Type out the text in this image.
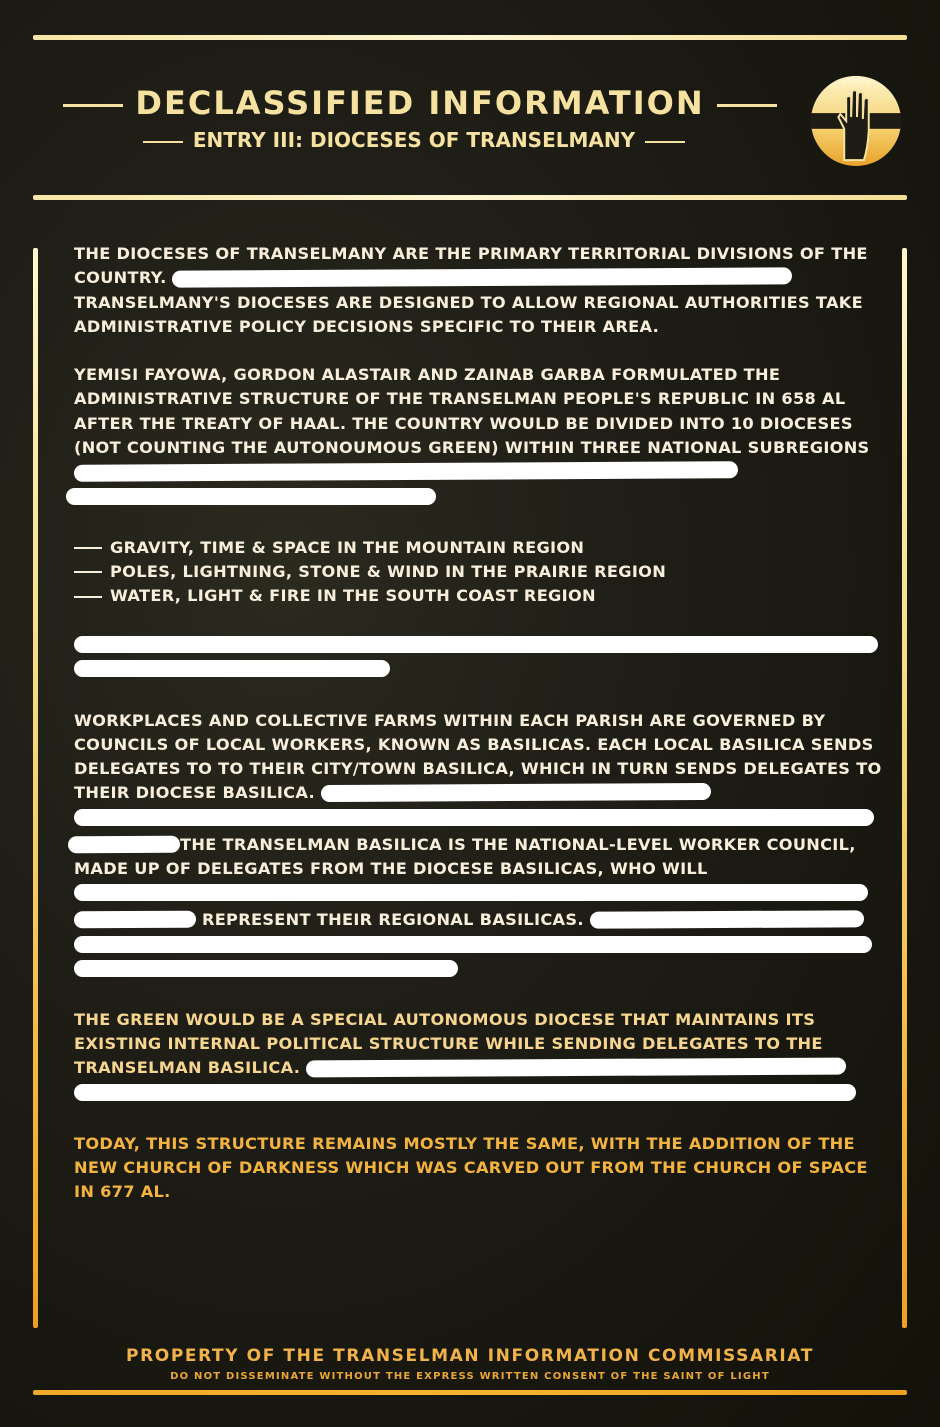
DECLASSIFIED INFORMATION
ENTRY III: DIOCESES OF TRANSELMANY

THE DIOCESES OF TRANSELMANY ARE THE PRIMARY TERRITORIAL DIVISIONS OF THE COUNTRY.
TRANSELMANY'S DIOCESES ARE DESIGNED TO ALLOW REGIONAL AUTHORITIES TAKE ADMINISTRATIVE POLICY DECISIONS SPECIFIC TO THEIR AREA.

YEMISI FAYOWA, GORDON ALASTAIR AND ZAINAB GARBA FORMULATED THE ADMINISTRATIVE STRUCTURE OF THE TRANSELMAN PEOPLE'S REPUBLIC IN 658 AL AFTER THE TREATY OF HAAL. THE COUNTRY WOULD BE DIVIDED INTO 10 DIOCESES (NOT COUNTING THE AUTONOUMOUS GREEN) WITHIN THREE NATIONAL SUBREGIONS

GRAVITY, TIME & SPACE IN THE MOUNTAIN REGION
POLES, LIGHTNING, STONE & WIND IN THE PRAIRIE REGION
WATER, LIGHT & FIRE IN THE SOUTH COAST REGION

WORKPLACES AND COLLECTIVE FARMS WITHIN EACH PARISH ARE GOVERNED BY COUNCILS OF LOCAL WORKERS, KNOWN AS BASILICAS. EACH LOCAL BASILICA SENDS DELEGATES TO TO THEIR CITY/TOWN BASILICA, WHICH IN TURN SENDS DELEGATES TO THEIR DIOCESE BASILICA.

THE TRANSELMAN BASILICA IS THE NATIONAL-LEVEL WORKER COUNCIL, MADE UP OF DELEGATES FROM THE DIOCESE BASILICAS, WHO WILL

REPRESENT THEIR REGIONAL BASILICAS.

THE GREEN WOULD BE A SPECIAL AUTONOMOUS DIOCESE THAT MAINTAINS ITS EXISTING INTERNAL POLITICAL STRUCTURE WHILE SENDING DELEGATES TO THE TRANSELMAN BASILICA.

TODAY, THIS STRUCTURE REMAINS MOSTLY THE SAME, WITH THE ADDITION OF THE NEW CHURCH OF DARKNESS WHICH WAS CARVED OUT FROM THE CHURCH OF SPACE IN 677 AL.

PROPERTY OF THE TRANSELMAN INFORMATION COMMISSARIAT
DO NOT DISSEMINATE WITHOUT THE EXPRESS WRITTEN CONSENT OF THE SAINT OF LIGHT
